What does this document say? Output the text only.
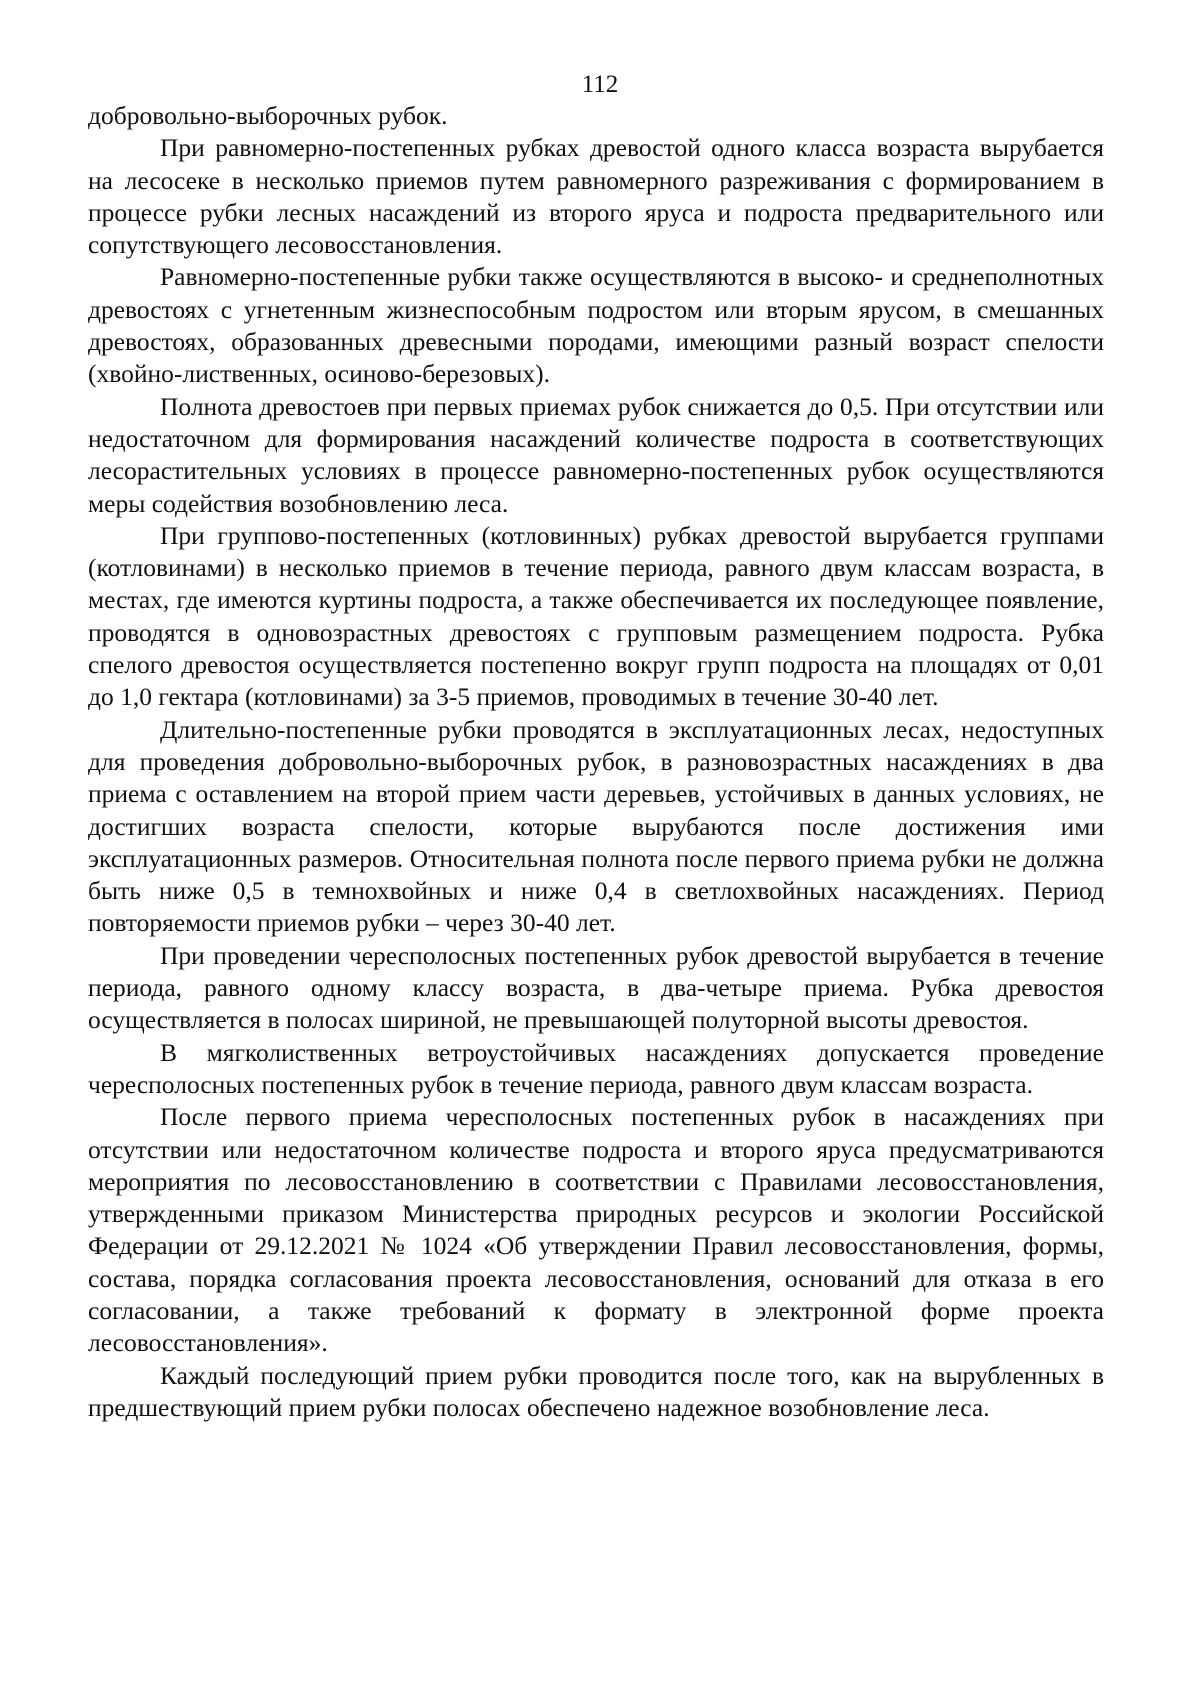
112

добровольно-выборочных рубок.

При равномерно-постепенных рубках древостой одного класса возраста вырубается на лесосеке в несколько приемов путем равномерного разреживания с формированием в процессе рубки лесных насаждений из второго яруса и подроста предварительного или сопутствующего лесовосстановления.

Равномерно-постепенные рубки также осуществляются в высоко- и среднеполнотных древостоях с угнетенным жизнеспособным подростом или вторым ярусом, в смешанных древостоях, образованных древесными породами, имеющими разный возраст спелости (хвойно-лиственных, осиново-березовых).

Полнота древостоев при первых приемах рубок снижается до 0,5. При отсутствии или недостаточном для формирования насаждений количестве подроста в соответствующих лесорастительных условиях в процессе равномерно-постепенных рубок осуществляются меры содействия возобновлению леса.

При группово-постепенных (котловинных) рубках древостой вырубается группами (котловинами) в несколько приемов в течение периода, равного двум классам возраста, в местах, где имеются куртины подроста, а также обеспечивается их последующее появление, проводятся в одновозрастных древостоях с групповым размещением подроста. Рубка спелого древостоя осуществляется постепенно вокруг групп подроста на площадях от 0,01 до 1,0 гектара (котловинами) за 3-5 приемов, проводимых в течение 30-40 лет.

Длительно-постепенные рубки проводятся в эксплуатационных лесах, недоступных для проведения добровольно-выборочных рубок, в разновозрастных насаждениях в два приема с оставлением на второй прием части деревьев, устойчивых в данных условиях, не достигших возраста спелости, которые вырубаются после достижения ими эксплуатационных размеров. Относительная полнота после первого приема рубки не должна быть ниже 0,5 в темнохвойных и ниже 0,4 в светлохвойных насаждениях. Период повторяемости приемов рубки – через 30-40 лет.

При проведении чересполосных постепенных рубок древостой вырубается в течение периода, равного одному классу возраста, в два-четыре приема. Рубка древостоя осуществляется в полосах шириной, не превышающей полуторной высоты древостоя.

В мягколиственных ветроустойчивых насаждениях допускается проведение чересполосных постепенных рубок в течение периода, равного двум классам возраста.

После первого приема чересполосных постепенных рубок в насаждениях при отсутствии или недостаточном количестве подроста и второго яруса предусматриваются мероприятия по лесовосстановлению в соответствии с Правилами лесовосстановления, утвержденными приказом Министерства природных ресурсов и экологии Российской Федерации от 29.12.2021 № 1024 «Об утверждении Правил лесовосстановления, формы, состава, порядка согласования проекта лесовосстановления, оснований для отказа в его согласовании, а также требований к формату в электронной форме проекта лесовосстановления».

Каждый последующий прием рубки проводится после того, как на вырубленных в предшествующий прием рубки полосах обеспечено надежное возобновление леса.
